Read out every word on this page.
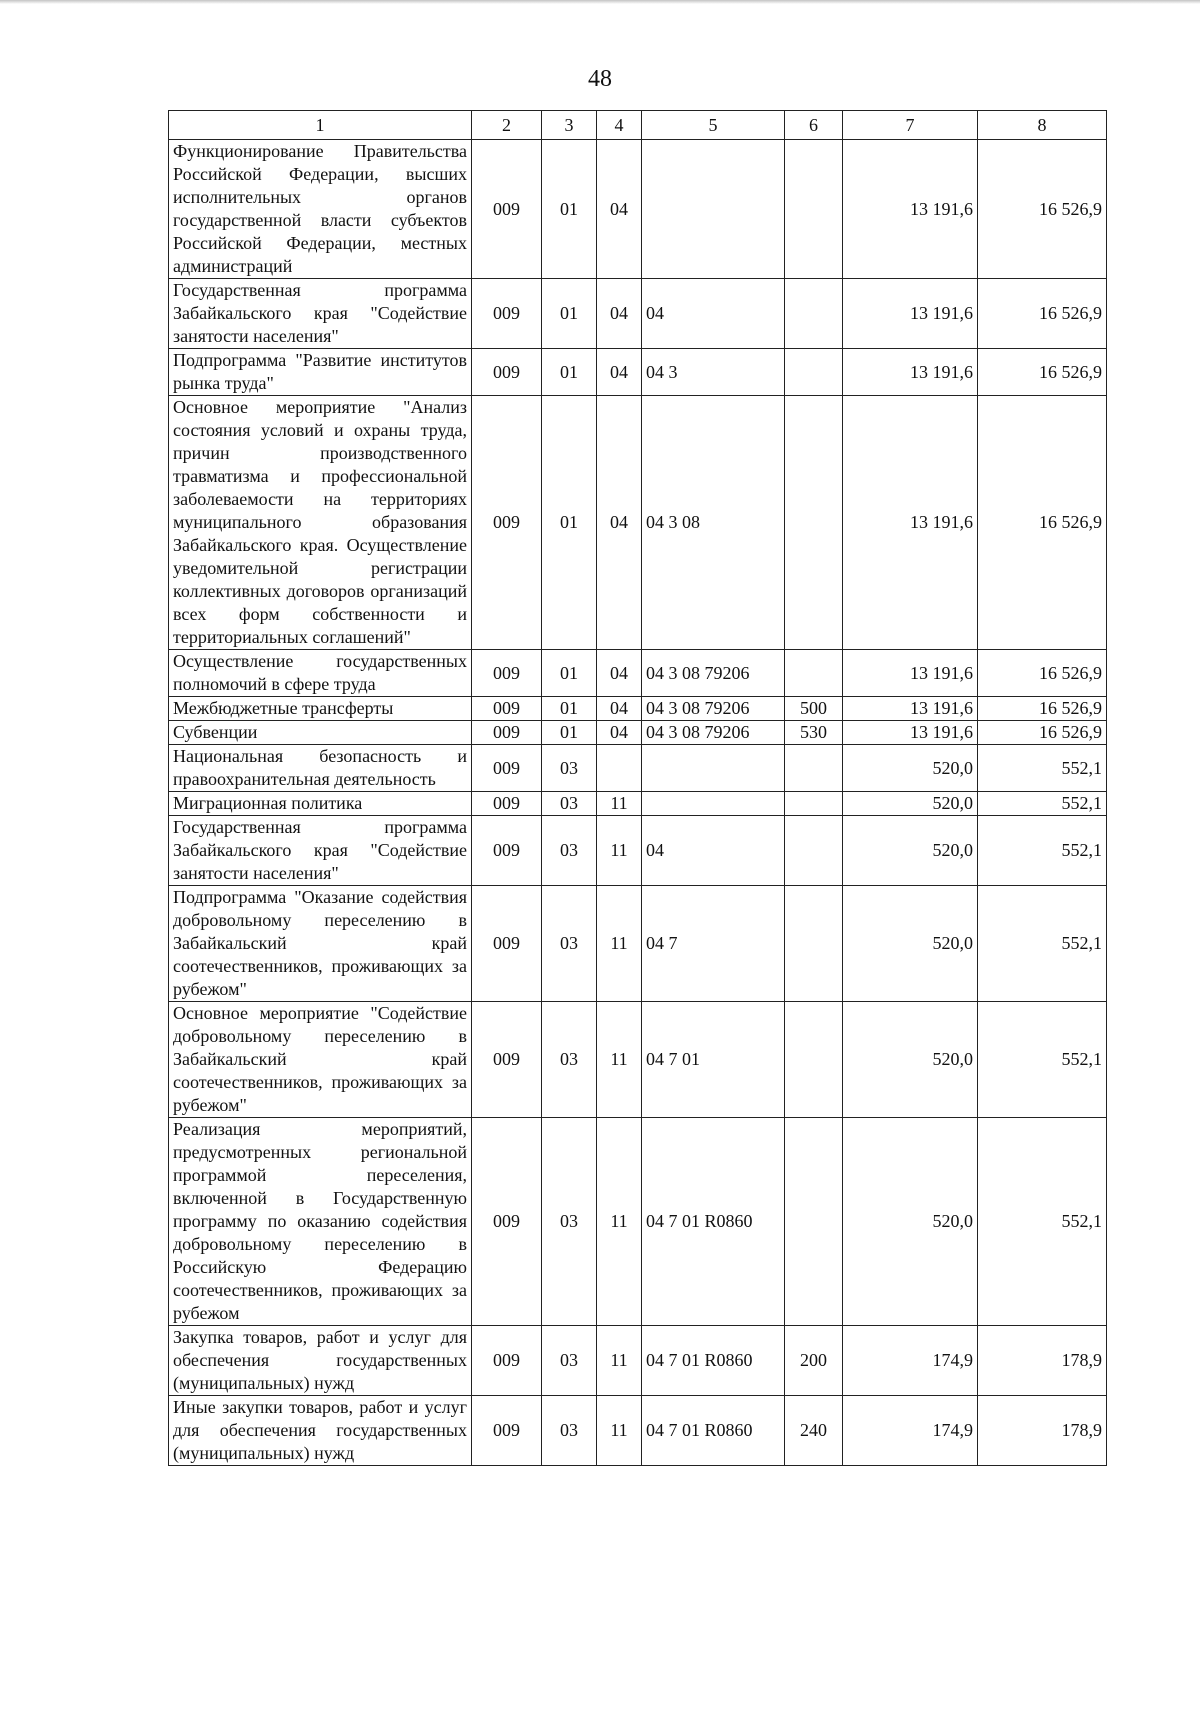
48
1	2	3	4	5	6	7	8
Функционирование Правительства Российской Федерации, высших исполнительных органов государственной власти субъектов Российской Федерации, местных администраций	009	01	04			13 191,6	16 526,9
Государственная программа Забайкальского края "Содействие занятости населения"	009	01	04	04		13 191,6	16 526,9
Подпрограмма "Развитие институтов рынка труда"	009	01	04	04 3		13 191,6	16 526,9
Основное мероприятие "Анализ состояния условий и охраны труда, причин производственного травматизма и профессиональной заболеваемости на территориях муниципального образования Забайкальского края. Осуществление уведомительной регистрации коллективных договоров организаций всех форм собственности и территориальных соглашений"	009	01	04	04 3 08		13 191,6	16 526,9
Осуществление государственных полномочий в сфере труда	009	01	04	04 3 08 79206		13 191,6	16 526,9
Межбюджетные трансферты	009	01	04	04 3 08 79206	500	13 191,6	16 526,9
Субвенции	009	01	04	04 3 08 79206	530	13 191,6	16 526,9
Национальная безопасность и правоохранительная деятельность	009	03				520,0	552,1
Миграционная политика	009	03	11			520,0	552,1
Государственная программа Забайкальского края "Содействие занятости населения"	009	03	11	04		520,0	552,1
Подпрограмма "Оказание содействия добровольному переселению в Забайкальский край соотечественников, проживающих за рубежом"	009	03	11	04 7		520,0	552,1
Основное мероприятие "Содействие добровольному переселению в Забайкальский край соотечественников, проживающих за рубежом"	009	03	11	04 7 01		520,0	552,1
Реализация мероприятий, предусмотренных региональной программой переселения, включенной в Государственную программу по оказанию содействия добровольному переселению в Российскую Федерацию соотечественников, проживающих за рубежом	009	03	11	04 7 01 R0860		520,0	552,1
Закупка товаров, работ и услуг для обеспечения государственных (муниципальных) нужд	009	03	11	04 7 01 R0860	200	174,9	178,9
Иные закупки товаров, работ и услуг для обеспечения государственных (муниципальных) нужд	009	03	11	04 7 01 R0860	240	174,9	178,9
